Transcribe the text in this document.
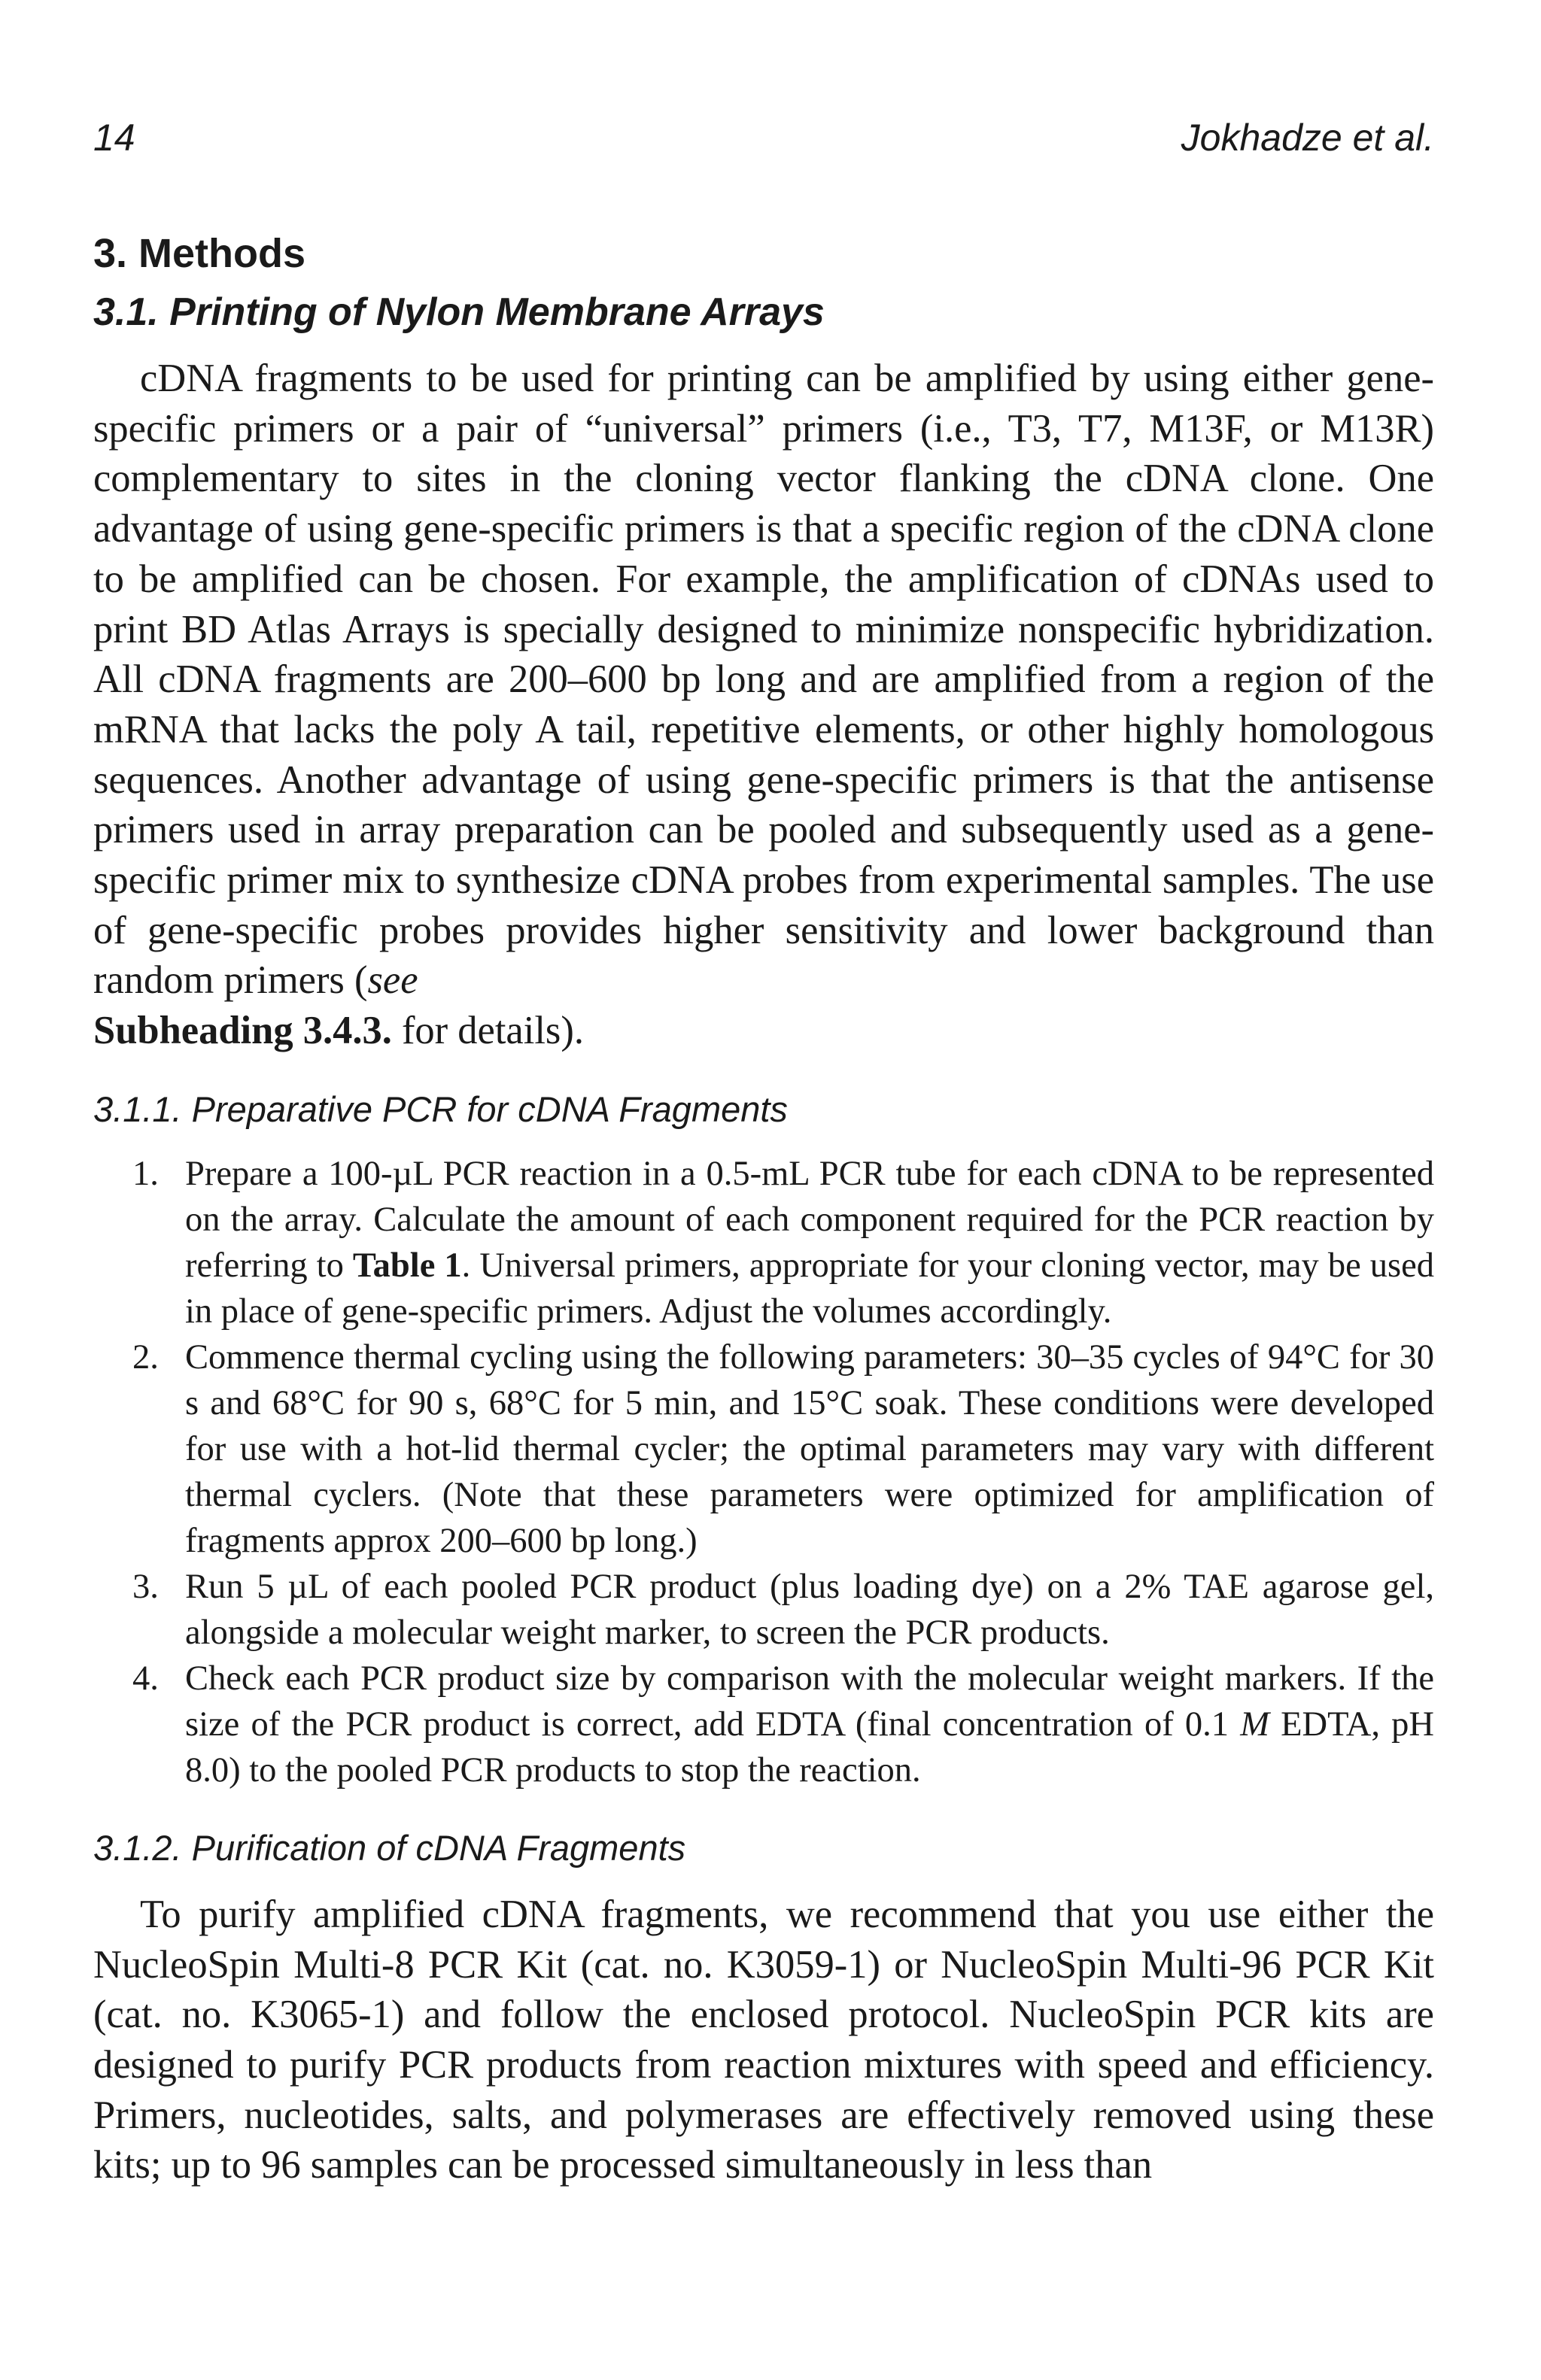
14	Jokhadze et al.
3. Methods
3.1. Printing of Nylon Membrane Arrays

cDNA fragments to be used for printing can be amplified by using either gene-specific primers or a pair of “universal” primers (i.e., T3, T7, M13F, or M13R) complementary to sites in the cloning vector flanking the cDNA clone. One advantage of using gene-specific primers is that a specific region of the cDNA clone to be amplified can be chosen. For example, the amplification of cDNAs used to print BD Atlas Arrays is specially designed to minimize nonspecific hybridization. All cDNA fragments are 200–600 bp long and are amplified from a region of the mRNA that lacks the poly A tail, repetitive elements, or other highly homologous sequences. Another advantage of using gene-specific primers is that the antisense primers used in array preparation can be pooled and subsequently used as a gene-specific primer mix to synthesize cDNA probes from experimental samples. The use of gene-specific probes provides higher sensitivity and lower background than random primers (see
Subheading 3.4.3. for details).

3.1.1. Preparative PCR for cDNA Fragments
1. Prepare a 100-µL PCR reaction in a 0.5-mL PCR tube for each cDNA to be represented on the array. Calculate the amount of each component required for the PCR reaction by referring to Table 1. Universal primers, appropriate for your cloning vector, may be used in place of gene-specific primers. Adjust the volumes accordingly.
2. Commence thermal cycling using the following parameters: 30–35 cycles of 94°C for 30 s and 68°C for 90 s, 68°C for 5 min, and 15°C soak. These conditions were developed for use with a hot-lid thermal cycler; the optimal parameters may vary with different thermal cyclers. (Note that these parameters were optimized for amplification of fragments approx 200–600 bp long.)
3. Run 5 µL of each pooled PCR product (plus loading dye) on a 2% TAE agarose gel, alongside a molecular weight marker, to screen the PCR products.
4. Check each PCR product size by comparison with the molecular weight markers. If the size of the PCR product is correct, add EDTA (final concentration of 0.1 M EDTA, pH 8.0) to the pooled PCR products to stop the reaction.
3.1.2. Purification of cDNA Fragments

To purify amplified cDNA fragments, we recommend that you use either the NucleoSpin Multi-8 PCR Kit (cat. no. K3059-1) or NucleoSpin Multi-96 PCR Kit (cat. no. K3065-1) and follow the enclosed protocol. NucleoSpin PCR kits are designed to purify PCR products from reaction mixtures with speed and efficiency. Primers, nucleotides, salts, and polymerases are effectively removed using these kits; up to 96 samples can be processed simultaneously in less than
